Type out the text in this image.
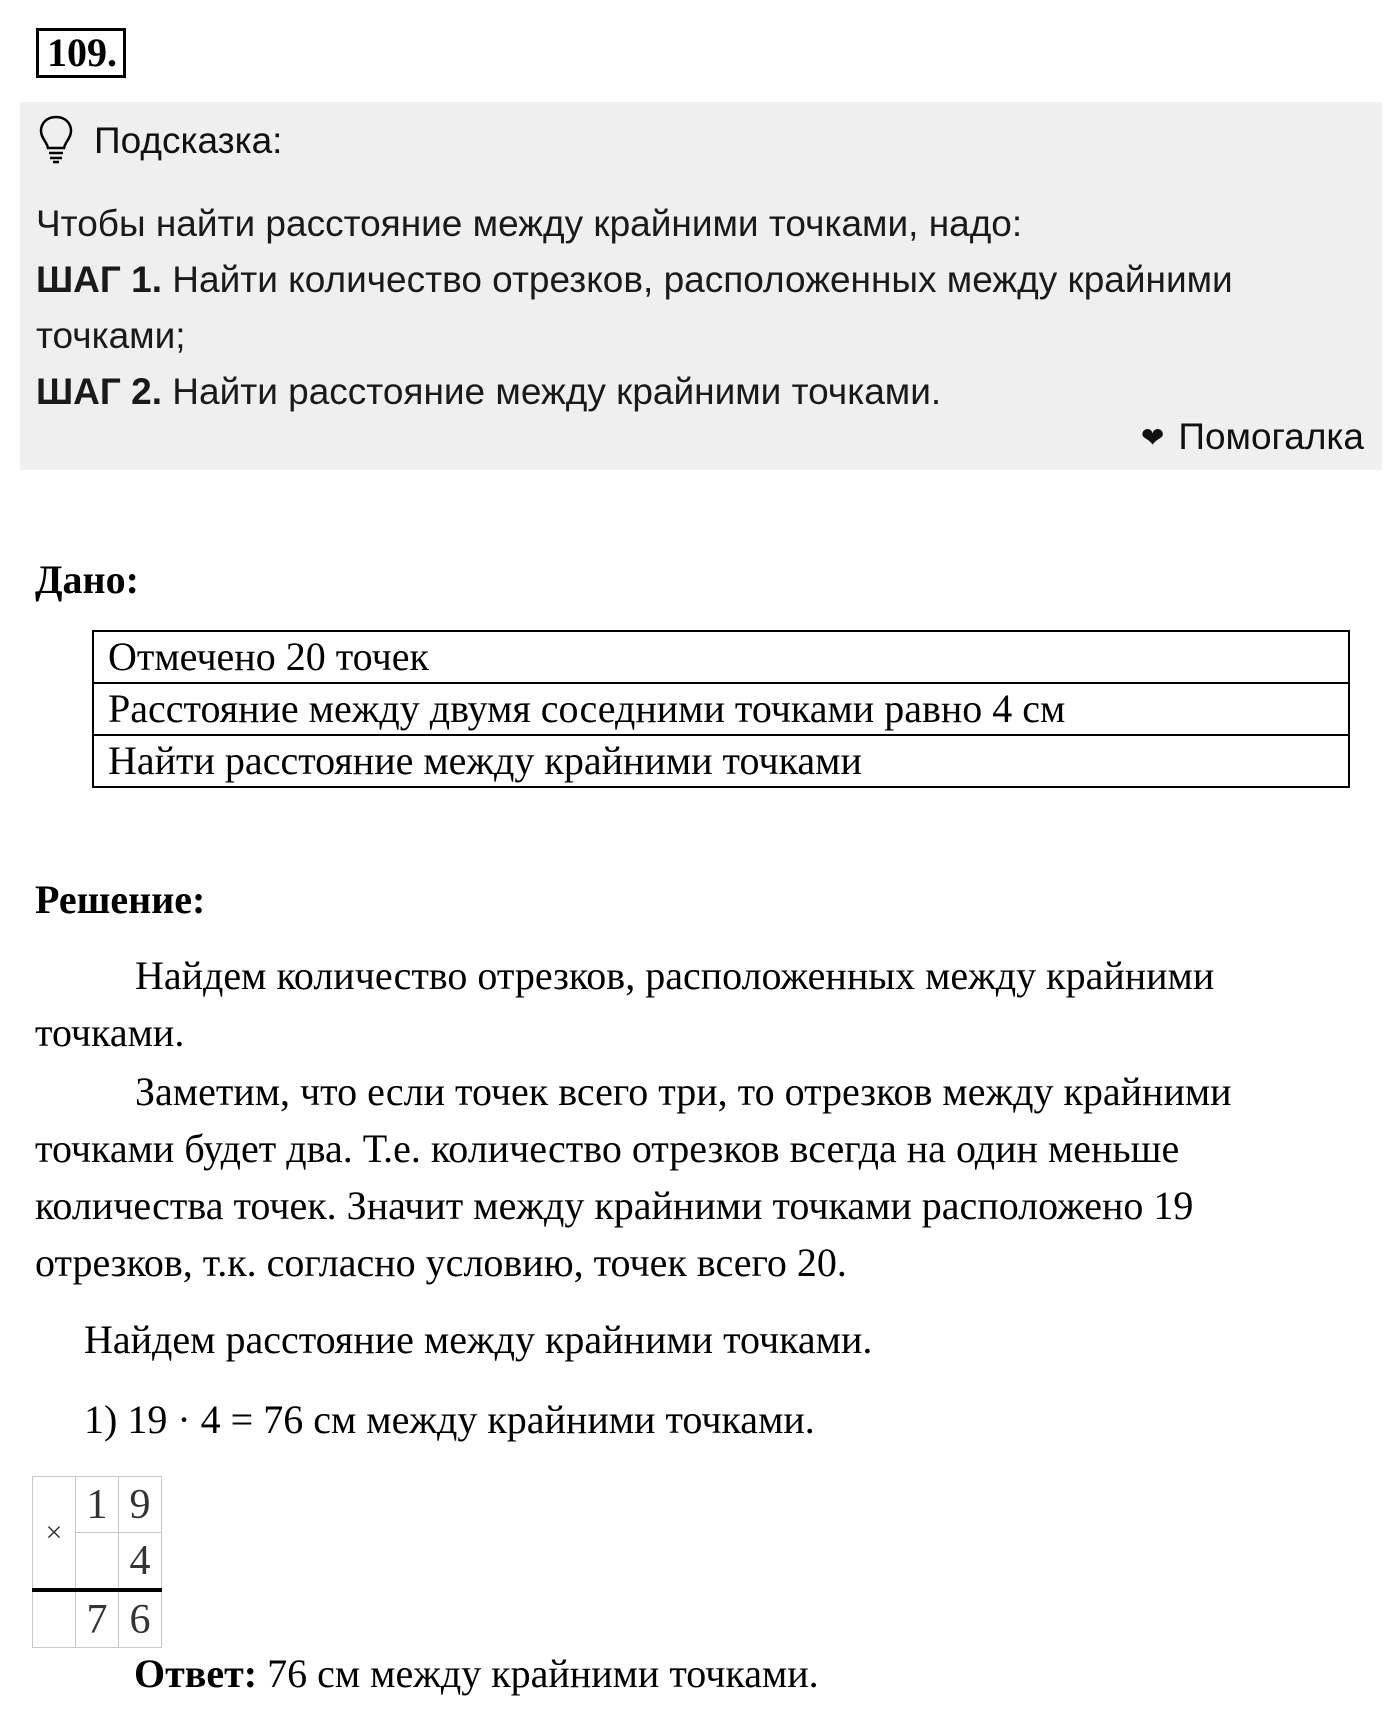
109.
Подсказка:
Чтобы найти расстояние между крайними точками, надо:
ШАГ 1. Найти количество отрезков, расположенных между крайними точками;
ШАГ 2. Найти расстояние между крайними точками.
❤ Помогалка
Дано:
Отмечено 20 точек
Расстояние между двумя соседними точками равно 4 см
Найти расстояние между крайними точками
Решение:

Найдем количество отрезков, расположенных между крайними точками.

Заметим, что если точек всего три, то отрезков между крайними точками будет два. Т.е. количество отрезков всегда на один меньше количества точек. Значит между крайними точками расположено 19 отрезков, т.к. согласно условию, точек всего 20.

Найдем расстояние между крайними точками.
1) 19 · 4 = 76 см между крайними точками.
×	1	9
		4
	7	6
Ответ: 76 см между крайними точками.
